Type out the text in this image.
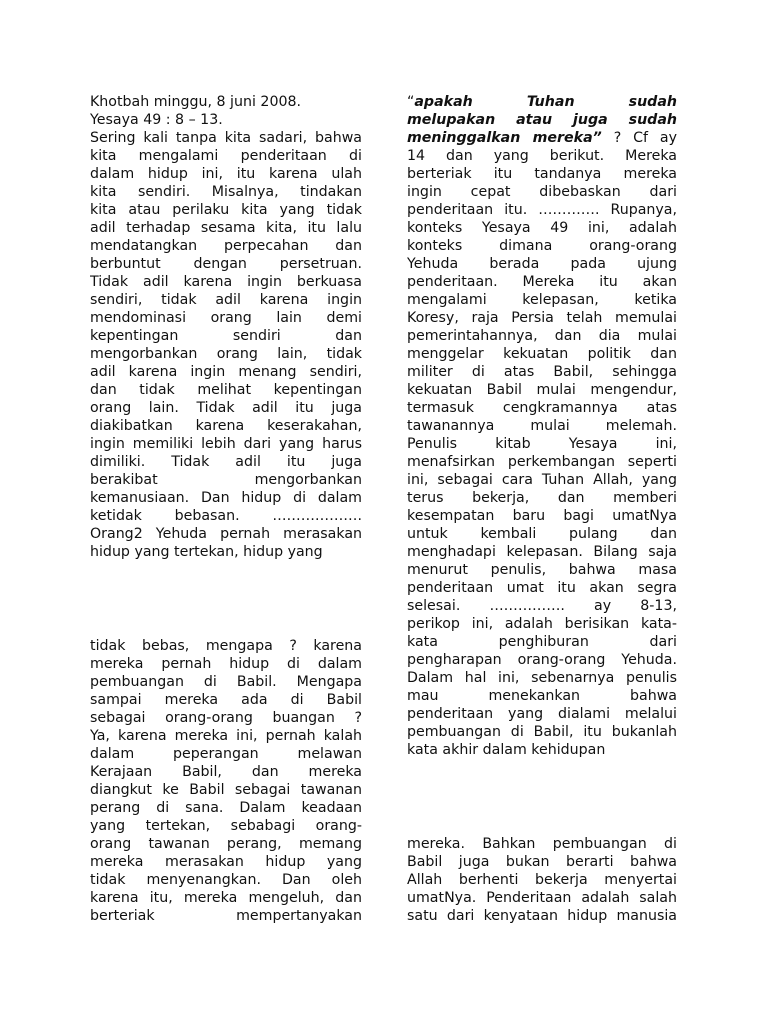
Khotbah minggu, 8 juni 2008.
Yesaya 49 : 8 – 13.
Sering kali tanpa kita sadari, bahwa
kita mengalami penderitaan di
dalam hidup ini, itu karena ulah
kita sendiri. Misalnya, tindakan
kita atau perilaku kita yang tidak
adil terhadap sesama kita, itu lalu
mendatangkan perpecahan dan
berbuntut dengan persetruan.
Tidak adil karena ingin berkuasa
sendiri, tidak adil karena ingin
mendominasi orang lain demi
kepentingan sendiri dan
mengorbankan orang lain, tidak
adil karena ingin menang sendiri,
dan tidak melihat kepentingan
orang lain. Tidak adil itu juga
diakibatkan karena keserakahan,
ingin memiliki lebih dari yang harus
dimiliki. Tidak adil itu juga
berakibat mengorbankan
kemanusiaan. Dan hidup di dalam
ketidak bebasan. ……………….
Orang2 Yehuda pernah merasakan
hidup yang tertekan, hidup yang
tidak bebas, mengapa ? karena
mereka pernah hidup di dalam
pembuangan di Babil. Mengapa
sampai mereka ada di Babil
sebagai orang-orang buangan ?
Ya, karena mereka ini, pernah kalah
dalam peperangan melawan
Kerajaan Babil, dan mereka
diangkut ke Babil sebagai tawanan
perang di sana. Dalam keadaan
yang tertekan, sebabagi orang-
orang tawanan perang, memang
mereka merasakan hidup yang
tidak menyenangkan. Dan oleh
karena itu, mereka mengeluh, dan
berteriak mempertanyakan
“apakah Tuhan sudah
melupakan atau juga sudah
meninggalkan mereka” ? Cf ay
14 dan yang berikut. Mereka
berteriak itu tandanya mereka
ingin cepat dibebaskan dari
penderitaan itu. …………. Rupanya,
konteks Yesaya 49 ini, adalah
konteks dimana orang-orang
Yehuda berada pada ujung
penderitaan. Mereka itu akan
mengalami kelepasan, ketika
Koresy, raja Persia telah memulai
pemerintahannya, dan dia mulai
menggelar kekuatan politik dan
militer di atas Babil, sehingga
kekuatan Babil mulai mengendur,
termasuk cengkramannya atas
tawanannya mulai melemah.
Penulis kitab Yesaya ini,
menafsirkan perkembangan seperti
ini, sebagai cara Tuhan Allah, yang
terus bekerja, dan memberi
kesempatan baru bagi umatNya
untuk kembali pulang dan
menghadapi kelepasan. Bilang saja
menurut penulis, bahwa masa
penderitaan umat itu akan segra
selesai. ……………. ay 8-13,
perikop ini, adalah berisikan kata-
kata penghiburan dari
pengharapan orang-orang Yehuda.
Dalam hal ini, sebenarnya penulis
mau menekankan bahwa
penderitaan yang dialami melalui
pembuangan di Babil, itu bukanlah
kata akhir dalam kehidupan
mereka. Bahkan pembuangan di
Babil juga bukan berarti bahwa
Allah berhenti bekerja menyertai
umatNya. Penderitaan adalah salah
satu dari kenyataan hidup manusia
